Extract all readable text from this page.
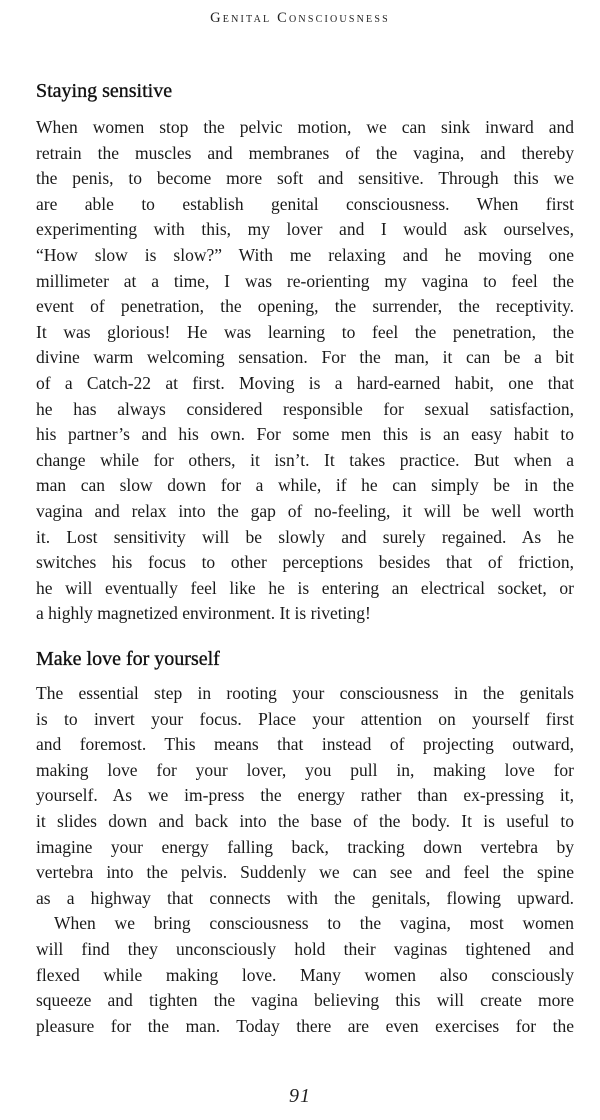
Genital Consciousness
Staying sensitive
When women stop the pelvic motion, we can sink inward and
retrain the muscles and membranes of the vagina, and thereby
the penis, to become more soft and sensitive. Through this we
are able to establish genital consciousness. When first
experimenting with this, my lover and I would ask ourselves,
“How slow is slow?” With me relaxing and he moving one
millimeter at a time, I was re-orienting my vagina to feel the
event of penetration, the opening, the surrender, the receptivity.
It was glorious! He was learning to feel the penetration, the
divine warm welcoming sensation. For the man, it can be a bit
of a Catch-22 at first. Moving is a hard-earned habit, one that
he has always considered responsible for sexual satisfaction,
his partner’s and his own. For some men this is an easy habit to
change while for others, it isn’t. It takes practice. But when a
man can slow down for a while, if he can simply be in the
vagina and relax into the gap of no-feeling, it will be well worth
it. Lost sensitivity will be slowly and surely regained. As he
switches his focus to other perceptions besides that of friction,
he will eventually feel like he is entering an electrical socket, or
a highly magnetized environment. It is riveting!
Make love for yourself
The essential step in rooting your consciousness in the genitals
is to invert your focus. Place your attention on yourself first
and foremost. This means that instead of projecting outward,
making love for your lover, you pull in, making love for
yourself. As we im-press the energy rather than ex-pressing it,
it slides down and back into the base of the body. It is useful to
imagine your energy falling back, tracking down vertebra by
vertebra into the pelvis. Suddenly we can see and feel the spine
as a highway that connects with the genitals, flowing upward.
When we bring consciousness to the vagina, most women
will find they unconsciously hold their vaginas tightened and
flexed while making love. Many women also consciously
squeeze and tighten the vagina believing this will create more
pleasure for the man. Today there are even exercises for the
91
